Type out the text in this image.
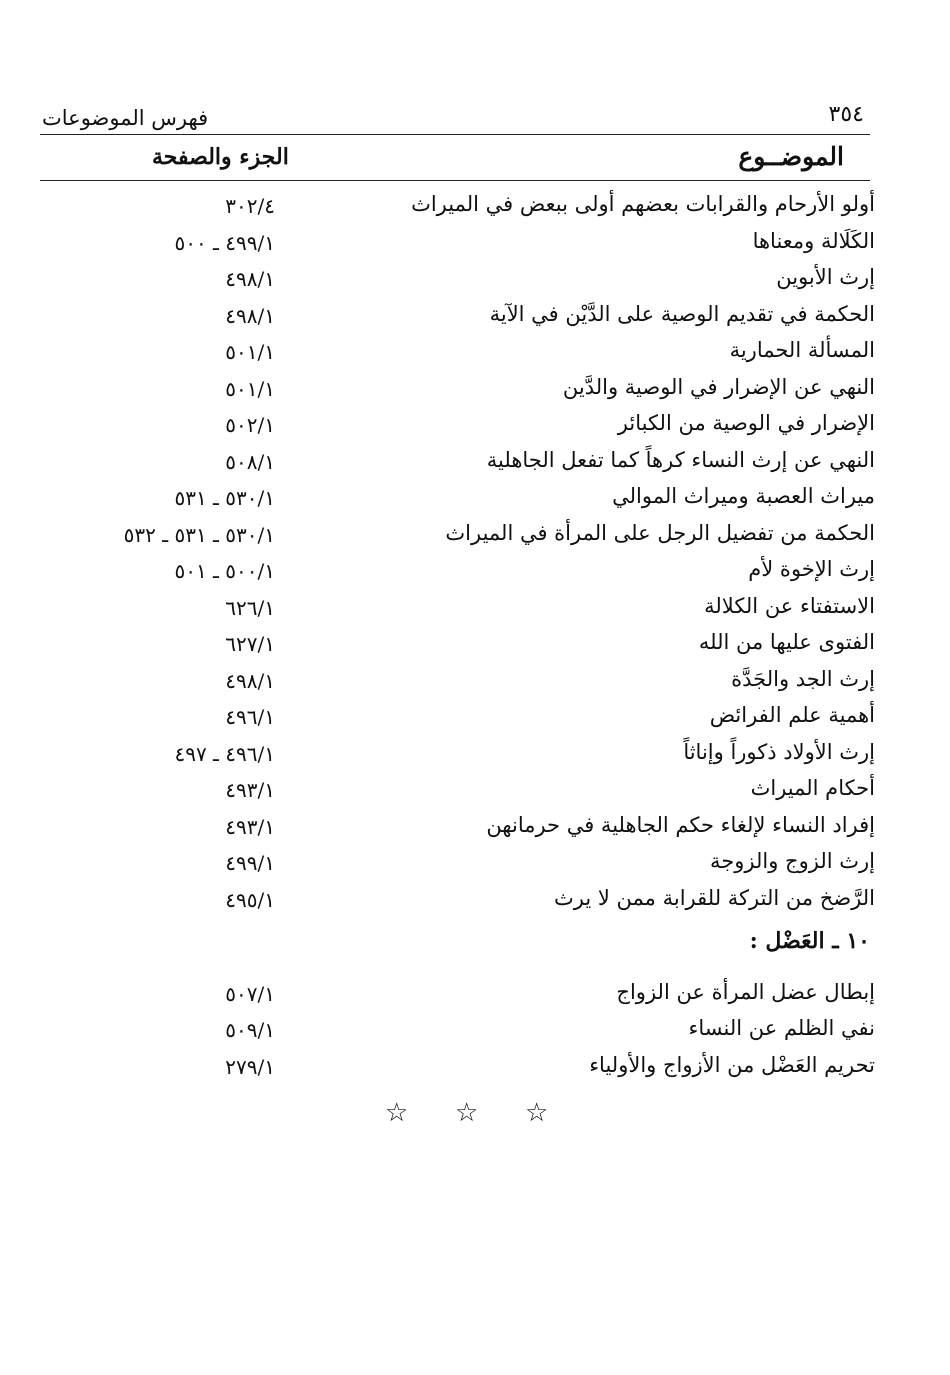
٣٥٤
فهرس الموضوعات
الموضــوع
الجزء والصفحة
أولو الأرحام والقرابات بعضهم أولى ببعض في الميراث
٣٠٢/٤
الكَلَالة ومعناها
٤٩٩/١ ـ ٥٠٠
إرث الأبوين
٤٩٨/١
الحكمة في تقديم الوصية على الدَّيْن في الآية
٤٩٨/١
المسألة الحمارية
٥٠١/١
النهي عن الإضرار في الوصية والدَّين
٥٠١/١
الإضرار في الوصية من الكبائر
٥٠٢/١
النهي عن إرث النساء كرهاً كما تفعل الجاهلية
٥٠٨/١
ميراث العصبة وميراث الموالي
٥٣٠/١ ـ ٥٣١
الحكمة من تفضيل الرجل على المرأة في الميراث
٥٣٠/١ ـ ٥٣١ ـ ٥٣٢
إرث الإخوة لأم
٥٠٠/١ ـ ٥٠١
الاستفتاء عن الكلالة
٦٢٦/١
الفتوى عليها من الله
٦٢٧/١
إرث الجد والجَدَّة
٤٩٨/١
أهمية علم الفرائض
٤٩٦/١
إرث الأولاد ذكوراً وإناثاً
٤٩٦/١ ـ ٤٩٧
أحكام الميراث
٤٩٣/١
إفراد النساء لإلغاء حكم الجاهلية في حرمانهن
٤٩٣/١
إرث الزوج والزوجة
٤٩٩/١
الرَّضخ من التركة للقرابة ممن لا يرث
٤٩٥/١
١٠ ـ العَضْل :
إبطال عضل المرأة عن الزواج
٥٠٧/١
نفي الظلم عن النساء
٥٠٩/١
تحريم العَضْل من الأزواج والأولياء
٢٧٩/١
☆ ☆ ☆
